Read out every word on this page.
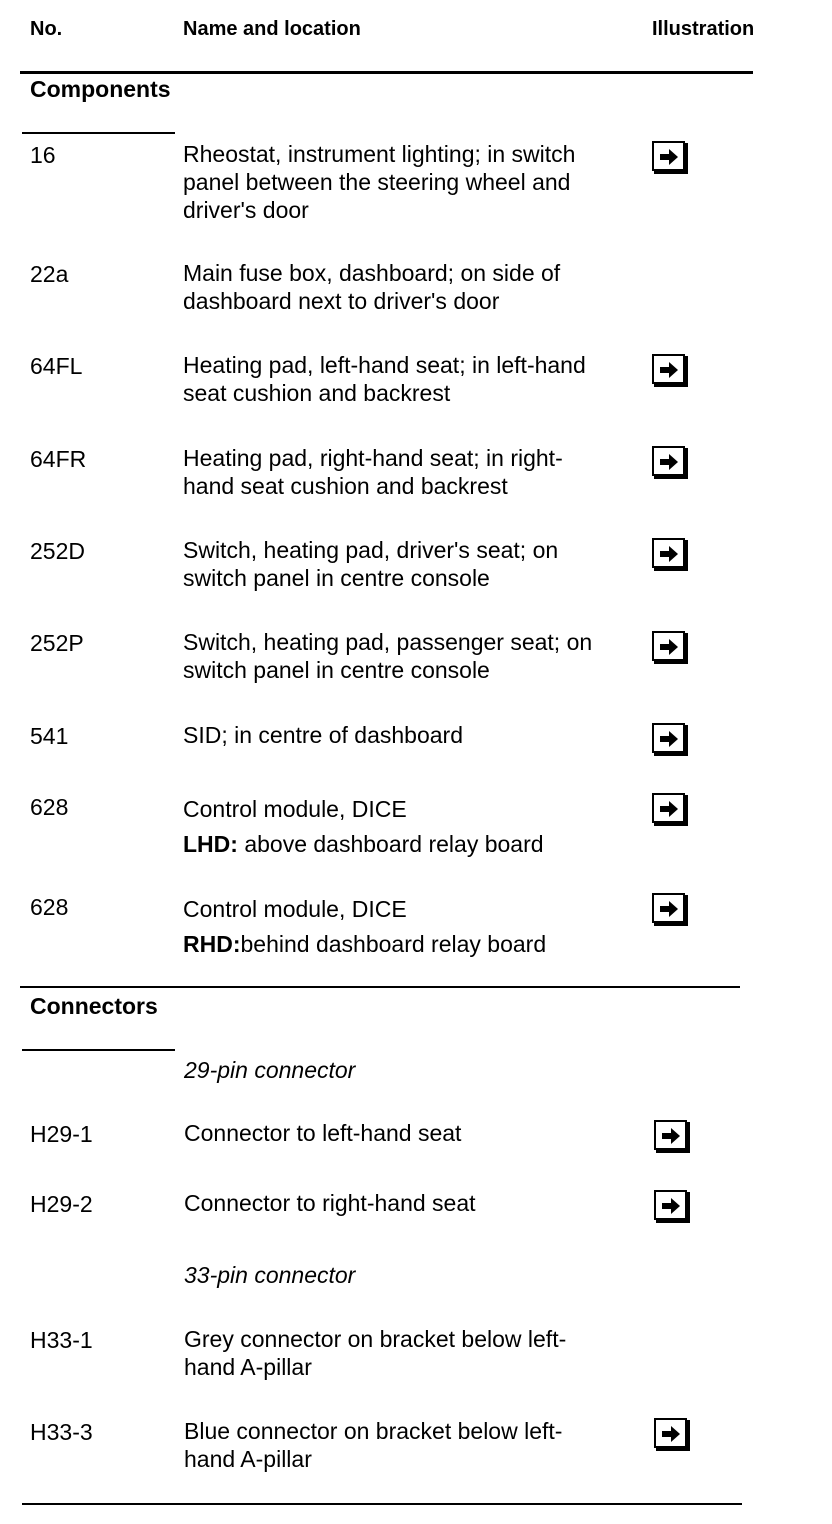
No.	Name and location	Illustration
Components
16	Rheostat, instrument lighting; in switch
panel between the steering wheel and
driver's door
22a	Main fuse box, dashboard; on side of
dashboard next to driver's door
64FL	Heating pad, left-hand seat; in left-hand
seat cushion and backrest
64FR	Heating pad, right-hand seat; in right-
hand seat cushion and backrest
252D	Switch, heating pad, driver's seat; on
switch panel in centre console
252P	Switch, heating pad, passenger seat; on
switch panel in centre console
541	SID; in centre of dashboard
628	Control module, DICE
LHD: above dashboard relay board
628	Control module, DICE
RHD:behind dashboard relay board
Connectors
29-pin connector
H29-1	Connector to left-hand seat
H29-2	Connector to right-hand seat
33-pin connector
H33-1	Grey connector on bracket below left-
hand A-pillar
H33-3	Blue connector on bracket below left-
hand A-pillar
